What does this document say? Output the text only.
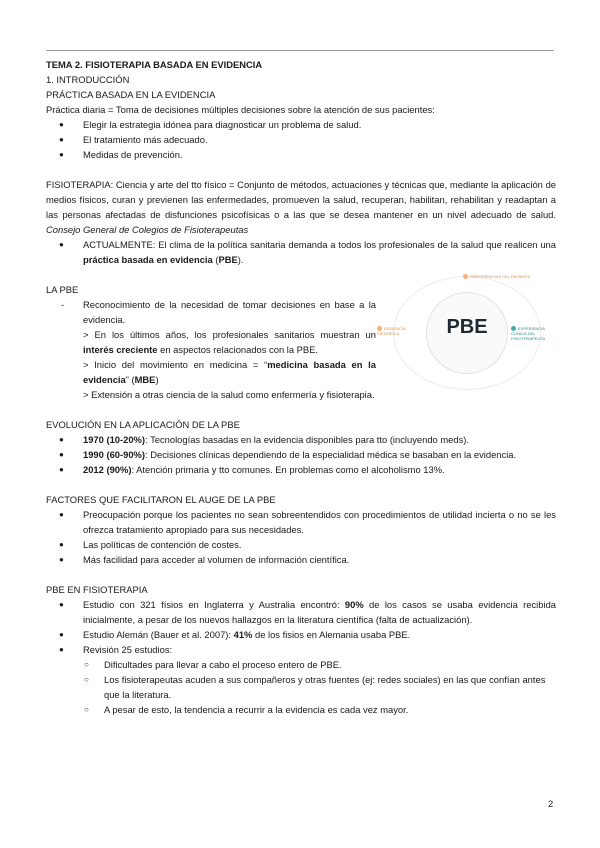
TEMA 2. FISIOTERAPIA BASADA EN EVIDENCIA

1. INTRODUCCIÓN

PRÁCTICA BASADA EN LA EVIDENCIA

Práctica diaria = Toma de decisiones múltiples decisiones sobre la atención de sus pacientes:

● Elegir la estrategia idónea para diagnosticar un problema de salud.
● El tratamiento más adecuado.
● Medidas de prevención.

FISIOTERAPIA: Ciencia y arte del tto físico = Conjunto de métodos, actuaciones y técnicas que, mediante la aplicación de medios físicos, curan y previenen las enfermedades, promueven la salud, recuperan, habilitan, rehabilitan y readaptan a las personas afectadas de disfunciones psicofísicas o a las que se desea mantener en un nivel adecuado de salud. Consejo General de Colegios de Fisioterapeutas

● ACTUALMENTE: El clima de la política sanitaria demanda a todos los profesionales de la salud que realicen una práctica basada en evidencia (PBE).

LA PBE

- Reconocimiento de la necesidad de tomar decisiones en base a la evidencia.
> En los últimos años, los profesionales sanitarios muestran un interés creciente en aspectos relacionados con la PBE.
> Inicio del movimiento en medicina = “medicina basada en la evidencia” (MBE)
> Extensión a otras ciencia de la salud como enfermería y fisioterapia.
PBE
PREFERENCIAS DEL PACIENTE
EVIDENCIA CIENTÍFICA
EXPERIENCIA CLÍNICA DEL FISIOTERAPEUTA

EVOLUCIÓN EN LA APLICACIÓN DE LA PBE

● 1970 (10-20%): Tecnologías basadas en la evidencia disponibles para tto (incluyendo meds).
● 1990 (60-90%): Decisiones clínicas dependiendo de la especialidad médica se basaban en la evidencia.
● 2012 (90%): Atención primaria y tto comunes. En problemas como el alcoholismo 13%.

FACTORES QUE FACILITARON EL AUGE DE LA PBE

● Preocupación porque los pacientes no sean sobreentendidos con procedimientos de utilidad incierta o no se les ofrezca tratamiento apropiado para sus necesidades.
● Las políticas de contención de costes.
● Más facilidad para acceder al volumen de información científica.

PBE EN FISIOTERAPIA

● Estudio con 321 físios en Inglaterra y Australia encontró: 90% de los casos se usaba evidencia recibida inicialmente, a pesar de los nuevos hallazgos en la literatura científica (falta de actualización).
● Estudio Alemán (Bauer et al. 2007): 41% de los fisios en Alemania usaba PBE.
● Revisión 25 estudios:
○ Dificultades para llevar a cabo el proceso entero de PBE.
○ Los fisioterapeutas acuden a sus compañeros y otras fuentes (ej: redes sociales) en las que confían antes que la literatura.
○ A pesar de esto, la tendencia a recurrir a la evidencia es cada vez mayor.
2
